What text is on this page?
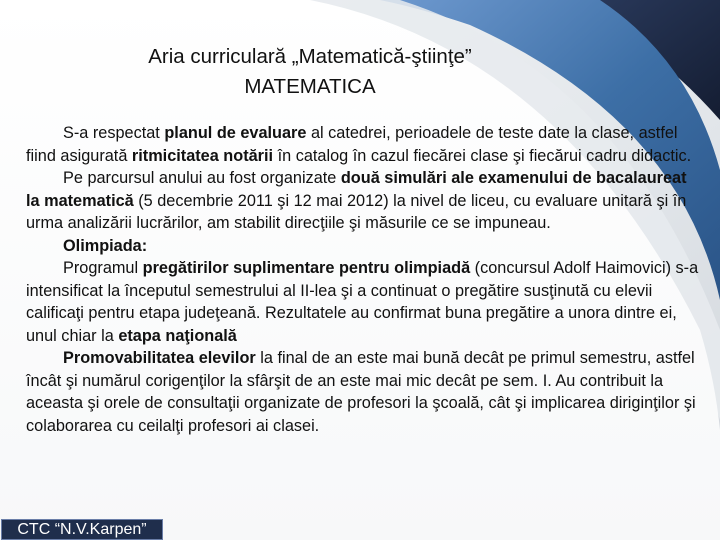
Aria curriculară „Matematică-ştiinţe”
MATEMATICA

S-a respectat planul de evaluare al catedrei, perioadele de teste date la clase, astfel fiind asigurată ritmicitatea notării în catalog în cazul fiecărei clase şi fiecărui cadru didactic.

Pe parcursul anului au fost organizate două simulări ale examenului de bacalaureat la matematică (5 decembrie 2011 şi 12 mai 2012) la nivel de liceu, cu evaluare unitară şi în urma analizării lucrărilor, am stabilit direcţiile şi măsurile ce se impuneau.

Olimpiada:

Programul pregătirilor suplimentare pentru olimpiadă (concursul Adolf Haimovici) s-a intensificat la începutul semestrului al II-lea şi a continuat o pregătire susţinută cu elevii calificaţi pentru etapa judeţeană. Rezultatele au confirmat buna pregătire a unora dintre ei, unul chiar la etapa naţională

Promovabilitatea elevilor la final de an este mai bună decât pe primul semestru, astfel încât şi numărul corigenţilor la sfârşit de an este mai mic decât pe sem. I. Au contribuit la aceasta şi orele de consultaţii organizate de profesori la şcoală, cât şi implicarea diriginţilor şi colaborarea cu ceilalţi profesori ai clasei.

CTC “N.V.Karpen”
